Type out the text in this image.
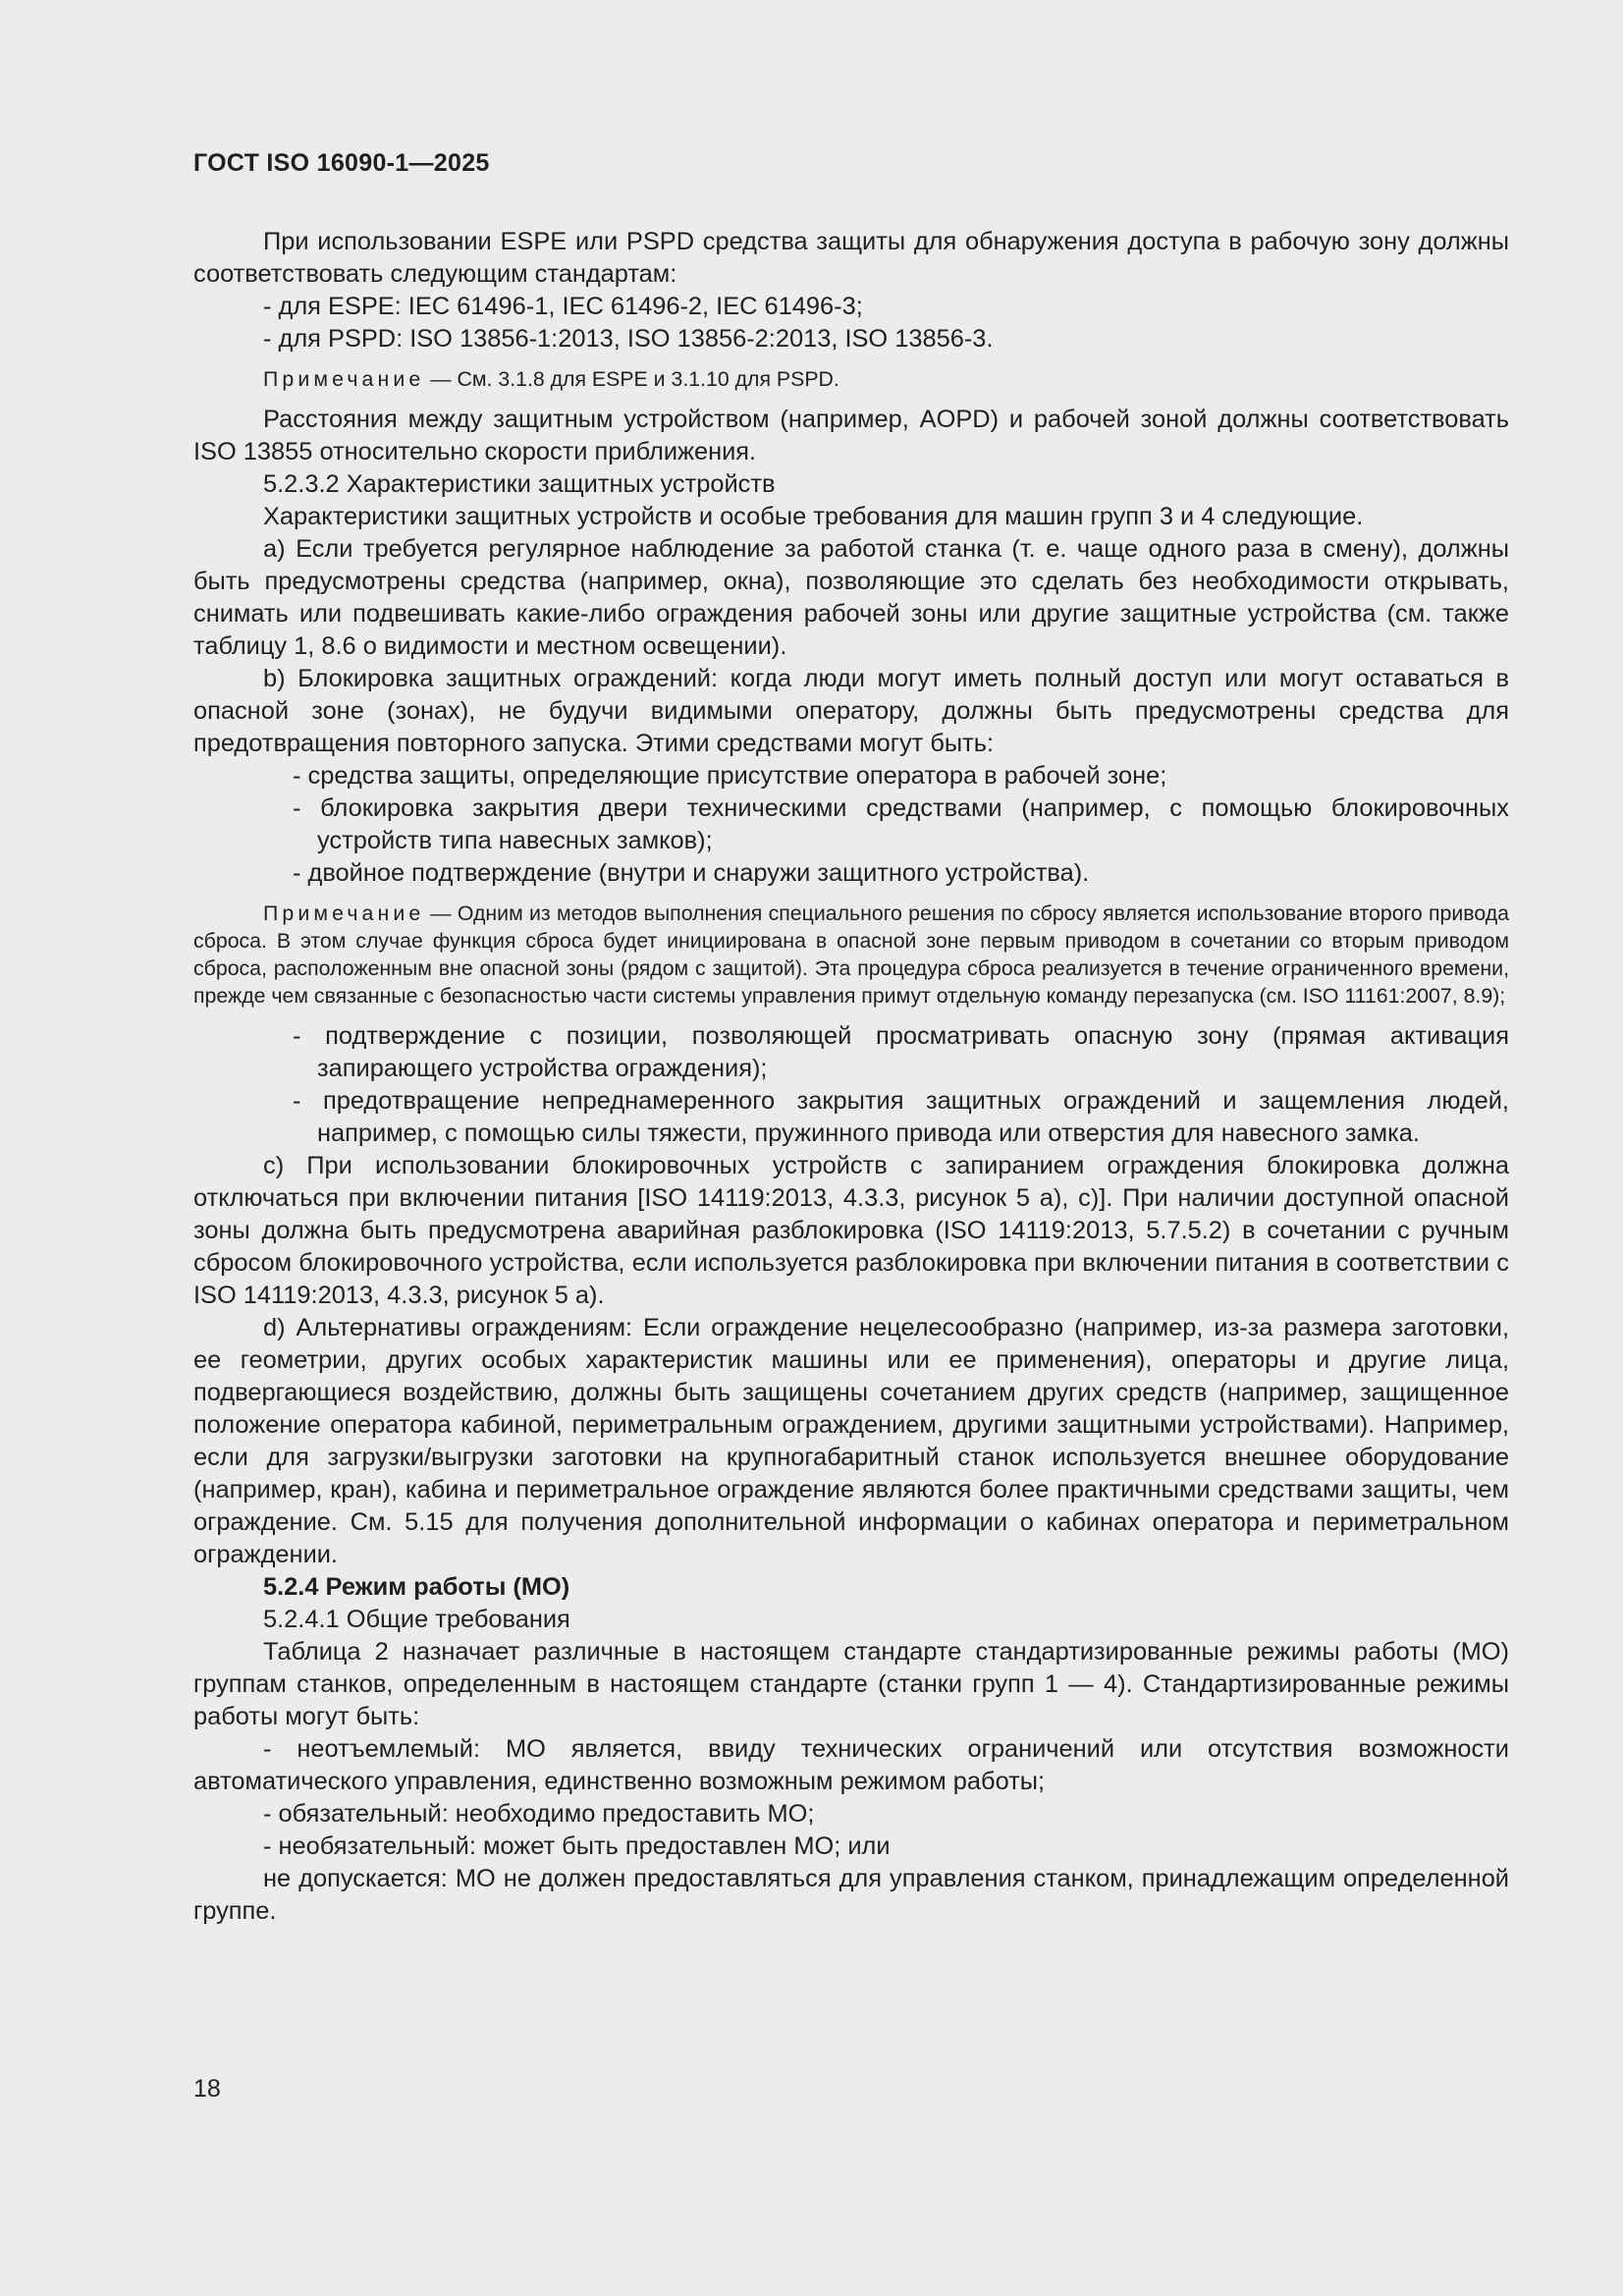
ГОСТ ISO 16090-1—2025

При использовании ESPE или PSPD средства защиты для обнаружения доступа в рабочую зону должны соответствовать следующим стандартам:

- для ESPE: IEC 61496-1, IEC 61496-2, IEC 61496-3;

- для PSPD: ISO 13856-1:2013, ISO 13856-2:2013, ISO 13856-3.

Примечание — См. 3.1.8 для ESPE и 3.1.10 для PSPD.

Расстояния между защитным устройством (например, AOPD) и рабочей зоной должны соответствовать ISO 13855 относительно скорости приближения.

5.2.3.2 Характеристики защитных устройств

Характеристики защитных устройств и особые требования для машин групп 3 и 4 следующие.

a) Если требуется регулярное наблюдение за работой станка (т. е. чаще одного раза в смену), должны быть предусмотрены средства (например, окна), позволяющие это сделать без необходимости открывать, снимать или подвешивать какие-либо ограждения рабочей зоны или другие защитные устройства (см. также таблицу 1, 8.6 о видимости и местном освещении).

b) Блокировка защитных ограждений: когда люди могут иметь полный доступ или могут оставаться в опасной зоне (зонах), не будучи видимыми оператору, должны быть предусмотрены средства для предотвращения повторного запуска. Этими средствами могут быть:

- средства защиты, определяющие присутствие оператора в рабочей зоне;

- блокировка закрытия двери техническими средствами (например, с помощью блокировочных устройств типа навесных замков);

- двойное подтверждение (внутри и снаружи защитного устройства).

Примечание — Одним из методов выполнения специального решения по сбросу является использование второго привода сброса. В этом случае функция сброса будет инициирована в опасной зоне первым приводом в сочетании со вторым приводом сброса, расположенным вне опасной зоны (рядом с защитой). Эта процедура сброса реализуется в течение ограниченного времени, прежде чем связанные с безопасностью части системы управления примут отдельную команду перезапуска (см. ISO 11161:2007, 8.9);

- подтверждение с позиции, позволяющей просматривать опасную зону (прямая активация запирающего устройства ограждения);

- предотвращение непреднамеренного закрытия защитных ограждений и защемления людей, например, с помощью силы тяжести, пружинного привода или отверстия для навесного замка.

c) При использовании блокировочных устройств с запиранием ограждения блокировка должна отключаться при включении питания [ISO 14119:2013, 4.3.3, рисунок 5 a), c)]. При наличии доступной опасной зоны должна быть предусмотрена аварийная разблокировка (ISO 14119:2013, 5.7.5.2) в сочетании с ручным сбросом блокировочного устройства, если используется разблокировка при включении питания в соответствии с ISO 14119:2013, 4.3.3, рисунок 5 a).

d) Альтернативы ограждениям: Если ограждение нецелесообразно (например, из-за размера заготовки, ее геометрии, других особых характеристик машины или ее применения), операторы и другие лица, подвергающиеся воздействию, должны быть защищены сочетанием других средств (например, защищенное положение оператора кабиной, периметральным ограждением, другими защитными устройствами). Например, если для загрузки/выгрузки заготовки на крупногабаритный станок используется внешнее оборудование (например, кран), кабина и периметральное ограждение являются более практичными средствами защиты, чем ограждение. См. 5.15 для получения дополнительной информации о кабинах оператора и периметральном ограждении.

5.2.4 Режим работы (МО)

5.2.4.1 Общие требования

Таблица 2 назначает различные в настоящем стандарте стандартизированные режимы работы (МО) группам станков, определенным в настоящем стандарте (станки групп 1 — 4). Стандартизированные режимы работы могут быть:

- неотъемлемый: МО является, ввиду технических ограничений или отсутствия возможности автоматического управления, единственно возможным режимом работы;

- обязательный: необходимо предоставить МО;

- необязательный: может быть предоставлен МО; или

не допускается: МО не должен предоставляться для управления станком, принадлежащим определенной группе.

18
